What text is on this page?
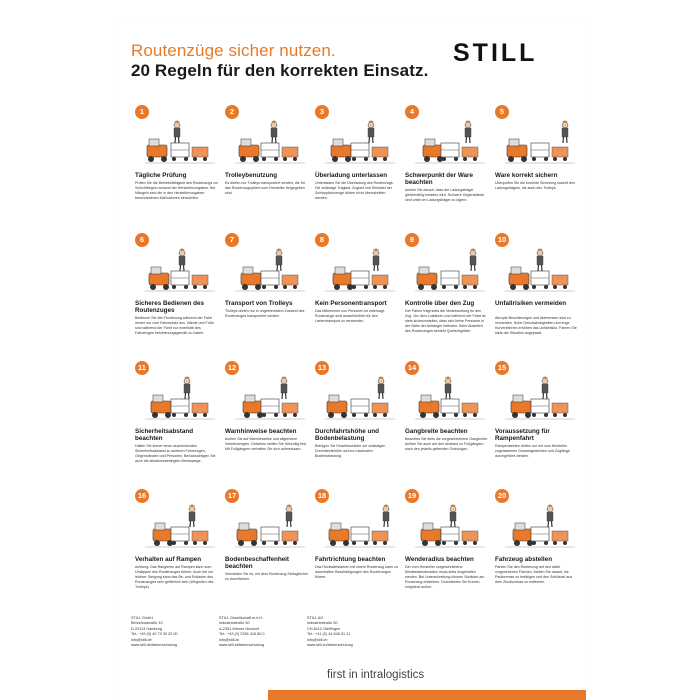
Routenzüge sicher nutzen.
20 Regeln für den korrekten Einsatz.
STILL
1
Tägliche Prüfung
Prüfen Sie die Betriebsfähigkeit des Routenzugs vor Schichtbeginn anhand der Herstellervorgaben. Bei Mängeln sind die in den Herstellervorgaben beschriebenen Maßnahmen einzuleiten.
2
Trolleybenutzung
Es dürfen nur Trolleys transportiert werden, die für das Routenzugsystem vom Hersteller freigegeben sind.
3
Überladung unterlassen
Unterlassen Sie die Überladung des Routenzugs. Die zulässige Traglast, Zuglast und Stützlast der Schleppfahrzeuge dürfen nicht überschritten werden.
4
Schwerpunkt der Ware beachten
Achten Sie darauf, dass der Ladungsträger gleichmäßig beladen wird. Schwere Gegenstände sind unten im Ladungsträger zu lagern.
5
Ware korrekt sichern
Überprüfen Sie die korrekte Sicherung sowohl des Ladungsträgers, als auch des Trolleys.
6
Sicheres Bedienen des Routenzuges
Bedienen Sie den Routenzug während der Fahrt immer nur vom Fahrerplatz aus. Hände und Füße sind während der Fahrt nur innerhalb des Fahrzeuges bestimmungsgemäß zu halten.
7
Transport von Trolleys
Trolleys dürfen nur in ungebremstem Zustand des Routenzuges transportiert werden.
8
Kein Personentransport
Das Mitnehmen von Personen ist untersagt. Routenzüge sind ausschließlich für den Lastentransport zu verwenden.
9
Kontrolle über den Zug
Der Fahrer trägt stets die Verantwortung für den Zug. Vor dem Losfahren und während der Fahrt ist stets sicherzustellen, dass sich keine Personen in der Nähe der Anhänger befinden. Beim Abstellen des Routenzuges besteht Quetschgefahr.
10
Unfallrisiken vermeiden
Abrupte Beschleunigen und Abbremsen sind zu vermeiden. Hohe Geschwindigkeiten und enge Kurvenfahrten erhöhen das Unfallrisiko. Fahren Sie stets der Situation angepasst.
11
Sicherheitsabstand beachten
Halten Sie immer einen ausreichenden Sicherheitsabstand zu anderen Fahrzeugen, Gegenständen und Personen. Berücksichtigen Sie auch die situationsbedingten Bremswege.
12
Warnhinweise beachten
Achten Sie auf Warnhinweise und allgemeine Verkehrsregeln. Gefahren stellen Sie frühzeitig fest. Mit Fußgängern verhalten Sie sich aufmerksam.
13
Durchfahrtshöhe und Bodenbelastung
Befolgen Sie Hinweisschilder zur zulässigen Durchfahrtshöhe und zur maximalen Bodenbelastung.
14
Gangbreite beachten
Beachten Sie stets die vorgeschriebene Gangbreite. Achten Sie auch auf den Abstand zu Fußgängern nach den jeweils geltenden Ordnungen.
15
Voraussetzung für Rampenfahrt
Rampenfahrten dürfen nur mit vom Hersteller zugelassenen Gesamtgewichten und Zuglänge durchgeführt werden.
16
Verhalten auf Rampen
Achtung: Das Rangieren auf Rampen kann zum Umkippen des Routenzuges führen. Auch bei nur leichter Steigung kann das Be- und Entladen des Routenzuges sehr gefährlich sein (Wegrollen des Trolleys).
17
Bodenbeschaffenheit beachten
Vermeiden Sie es, mit dem Routenzug Schlaglöcher zu durchfahren.
18
Fahrtrichtung beachten
Das Rückwärtsfahren mit einem Routenzug kann zu dauerhaften Beschädigungen des Routenzuges führen.
19
Wenderadius beachten
Der vom Hersteller vorgeschriebene Mindestwenderadius muss stets eingehalten werden. Bei Unterschreitung können Schäden am Routenzug entstehen. Durchfahren Sie Kurven möglichst außen.
20
Fahrzeug abstellen
Parken Sie den Routenzug auf den dafür vorgesehenen Flächen. Achten Sie darauf, die Parkbremse zu betätigen und den Schlüssel aus dem Zündschloss zu entfernen.
STILL GmbH
Berzeliusstraße 10
D-22113 Hamburg
Tel.: +49 (0) 40 73 39 20 00
info@still.de
www.still.de/fahrerschulung
STILL Gesellschaft m.b.H.
Industriestraße 50
A-2351 Wiener Neudorf
Tel.: +43 (0) 2236 415 80 0
info@still.at
www.still.at/fahrerschulung
STILL AG
Industriestraße 50
CH-8112 Otelfingen
Tel.: +41 (0) 44 846 51 11
info@still.ch
www.still.ch/fahrerschulung
first in intralogistics
